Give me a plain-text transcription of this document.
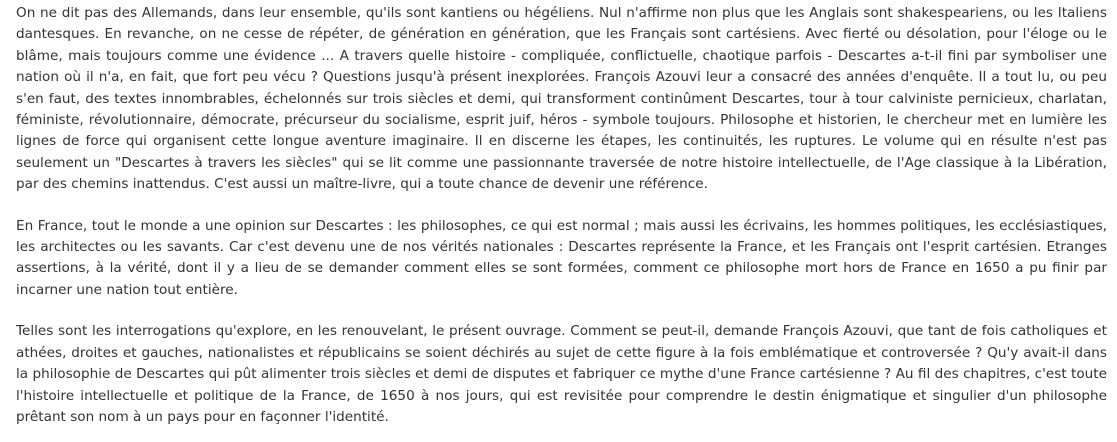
On ne dit pas des Allemands, dans leur ensemble, qu'ils sont kantiens ou hégéliens. Nul n'affirme non plus que les Anglais sont shakespeariens, ou les Italiens dantesques. En revanche, on ne cesse de répéter, de génération en génération, que les Français sont cartésiens. Avec fierté ou désolation, pour l'éloge ou le blâme, mais toujours comme une évidence ... A travers quelle histoire - compliquée, conflictuelle, chaotique parfois - Descartes a-t-il fini par symboliser une nation où il n'a, en fait, que fort peu vécu ? Questions jusqu'à présent inexplorées. François Azouvi leur a consacré des années d'enquête. Il a tout lu, ou peu s'en faut, des textes innombrables, échelonnés sur trois siècles et demi, qui transforment continûment Descartes, tour à tour calviniste pernicieux, charlatan, féministe, révolutionnaire, démocrate, précurseur du socialisme, esprit juif, héros - symbole toujours. Philosophe et historien, le chercheur met en lumière les lignes de force qui organisent cette longue aventure imaginaire. Il en discerne les étapes, les continuités, les ruptures. Le volume qui en résulte n'est pas seulement un "Descartes à travers les siècles" qui se lit comme une passionnante traversée de notre histoire intellectuelle, de l'Age classique à la Libération, par des chemins inattendus. C'est aussi un maître-livre, qui a toute chance de devenir une référence.

En France, tout le monde a une opinion sur Descartes : les philosophes, ce qui est normal ; mais aussi les écrivains, les hommes politiques, les ecclésiastiques, les architectes ou les savants. Car c'est devenu une de nos vérités nationales : Descartes représente la France, et les Français ont l'esprit cartésien. Etranges assertions, à la vérité, dont il y a lieu de se demander comment elles se sont formées, comment ce philosophe mort hors de France en 1650 a pu finir par incarner une nation tout entière.

Telles sont les interrogations qu'explore, en les renouvelant, le présent ouvrage. Comment se peut-il, demande François Azouvi, que tant de fois catholiques et athées, droites et gauches, nationalistes et républicains se soient déchirés au sujet de cette figure à la fois emblématique et controversée ? Qu'y avait-il dans la philosophie de Descartes qui pût alimenter trois siècles et demi de disputes et fabriquer ce mythe d'une France cartésienne ? Au fil des chapitres, c'est toute l'histoire intellectuelle et politique de la France, de 1650 à nos jours, qui est revisitée pour comprendre le destin énigmatique et singulier d'un philosophe prêtant son nom à un pays pour en façonner l'identité.
